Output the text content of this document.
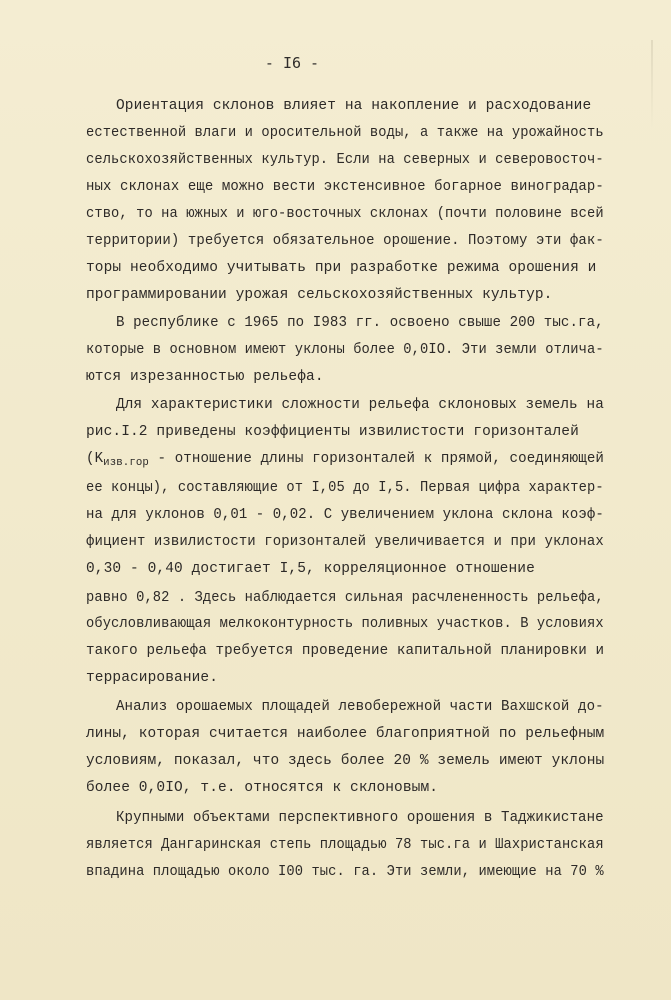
- I6 -
Ориентация склонов влияет на накопление и расходование
естественной влаги и оросительной воды, а также на урожайность
сельскохозяйственных культур. Если на северных и северовосточ-
ных склонах еще можно вести экстенсивное богарное виноградар-
ство, то на южных и юго-восточных склонах (почти половине всей
территории) требуется обязательное орошение. Поэтому эти фак-
торы необходимо учитывать при разработке режима орошения и
программировании урожая сельскохозяйственных культур.
В республике с 1965 по I983 гг. освоено свыше 200 тыс.га,
которые в основном имеют уклоны более 0,0IO. Эти земли отлича-
ются изрезанностью рельефа.
Для характеристики сложности рельефа склоновых земель на
рис.I.2 приведены коэффициенты извилистости горизонталей
($K_{изв.гор}$ - отношение длины горизонталей к прямой, соединяющей
ее концы), составляющие от I,05 до I,5. Первая цифра характер-
на для уклонов 0,01 - 0,02. С увеличением уклона склона коэф-
фициент извилистости горизонталей увеличивается и при уклонах
0,30 - 0,40 достигает I,5, корреляционное отношение
равно 0,82 . Здесь наблюдается сильная расчлененность рельефа,
обусловливающая мелкоконтурность поливных участков. В условиях
такого рельефа требуется проведение капитальной планировки и
террасирование.
Анализ орошаемых площадей левобережной части Вахшской до-
лины, которая считается наиболее благоприятной по рельефным
условиям, показал, что здесь более 20 % земель имеют уклоны
более 0,0IO, т.е. относятся к склоновым.
Крупными объектами перспективного орошения в Таджикистане
является Дангаринская степь площадью 78 тыс.га и Шахристанская
впадина площадью около I00 тыс. га. Эти земли, имеющие на 70 %
